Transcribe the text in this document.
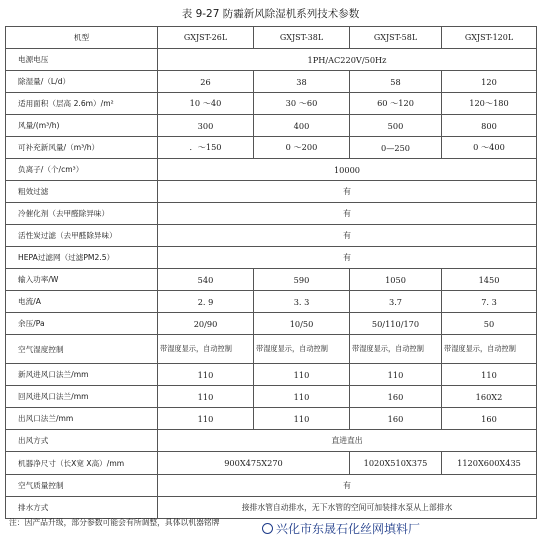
表 9-27 防霾新风除湿机系列技术参数
机型	GXJST-26L	GXJST-38L	GXJST-58L	GXJST-120L
电源电压	1PH/AC220V/50Hz			
除湿量/（L/d）	26	38	58	120
适用面积（层高 2.6m）/m²	10 ～40	30 ～60	60 ～120	120～180
风量/(m³/h)	300	400	500	800
可补充新风量/（m³/h）	．～150	0 ～200	0—250	0 ～400
负离子/（个/cm³）	10000			
粗效过滤	有			
冷催化剂（去甲醛除异味）	有			
活性炭过滤（去甲醛除异味）	有			
HEPA过滤网（过滤PM2.5）	有			
输入功率/W	540	590	1050	1450
电流/A	2. 9	3. 3	3.7	7. 3
余压/Pa	20/90	10/50	50/110/170	50
空气湿度控制	带湿度显示，自动控制	带湿度显示，自动控制	带湿度显示，自动控制	带湿度显示，自动控制
新风进风口法兰/mm	110	110	110	110
回风进风口法兰/mm	110	110	160	160X2
出风口法兰/mm	110	110	160	160
出风方式	直进直出			
机器净尺寸（长X宽 X高）/mm	900X475X270		1020X510X375	1120X600X435
空气质量控制	有			
排水方式	接排水管自动排水，无下水管的空间可加装排水泵从上部排水			
注：因产品升级，部分参数可能会有所调整，具体以机器铭牌	兴化市东晟石化丝网填料厂
